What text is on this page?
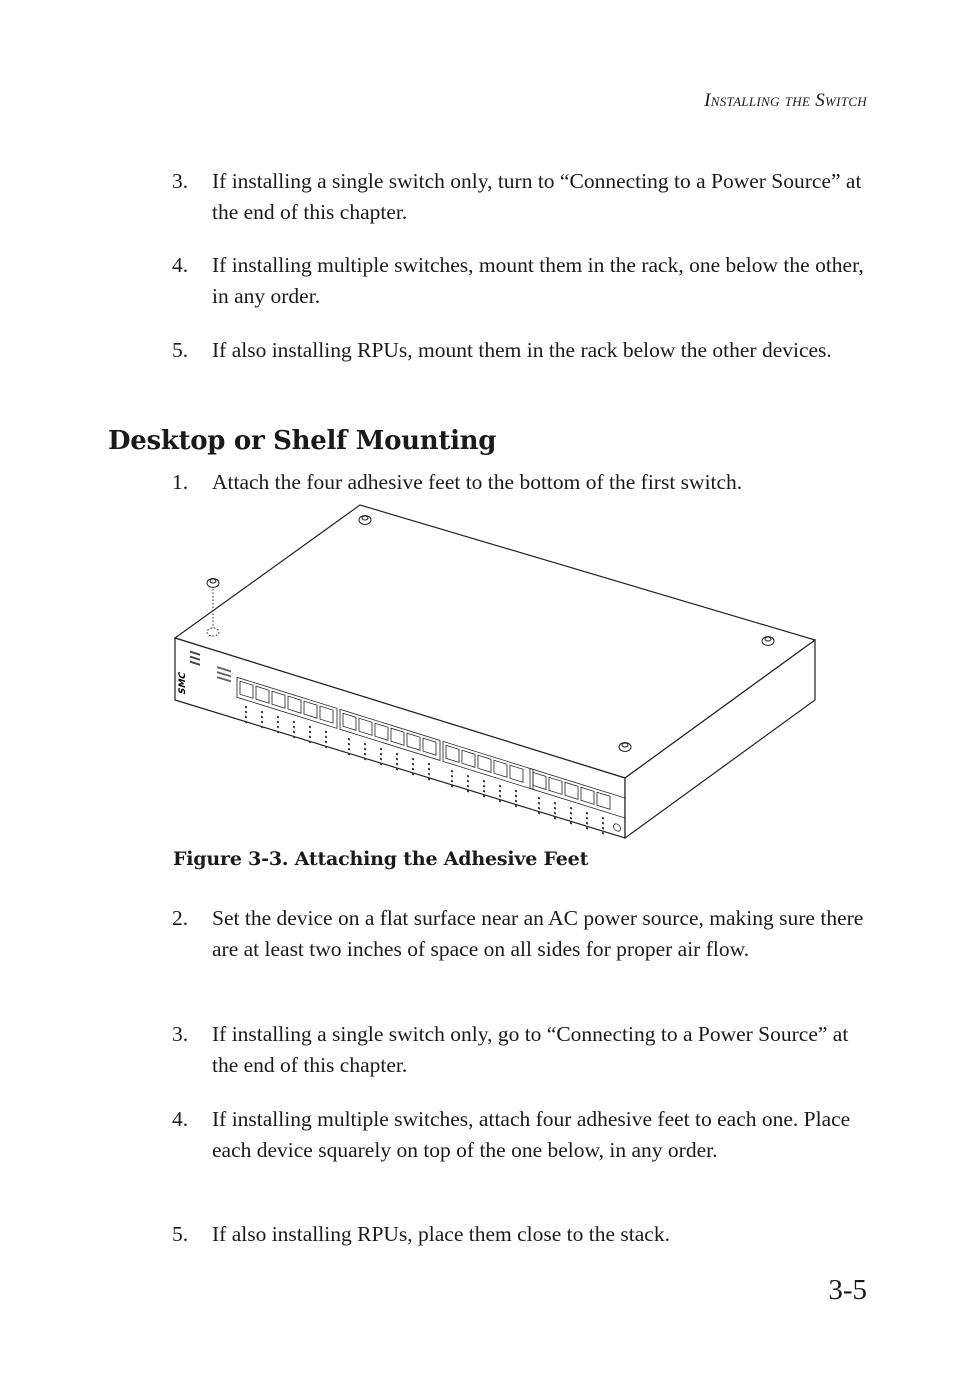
Installing the Switch
3.	If installing a single switch only, turn to “Connecting to a Power Source” at the end of this chapter.
4.	If installing multiple switches, mount them in the rack, one below the other, in any order.
5.	If also installing RPUs, mount them in the rack below the other devices.
Desktop or Shelf Mounting
1.	Attach the four adhesive feet to the bottom of the first switch.
SMC
Figure 3-3. Attaching the Adhesive Feet
2.	Set the device on a flat surface near an AC power source, making sure there are at least two inches of space on all sides for proper air flow.
3.	If installing a single switch only, go to “Connecting to a Power Source” at the end of this chapter.
4.	If installing multiple switches, attach four adhesive feet to each one. Place each device squarely on top of the one below, in any order.
5.	If also installing RPUs, place them close to the stack.
3-5
